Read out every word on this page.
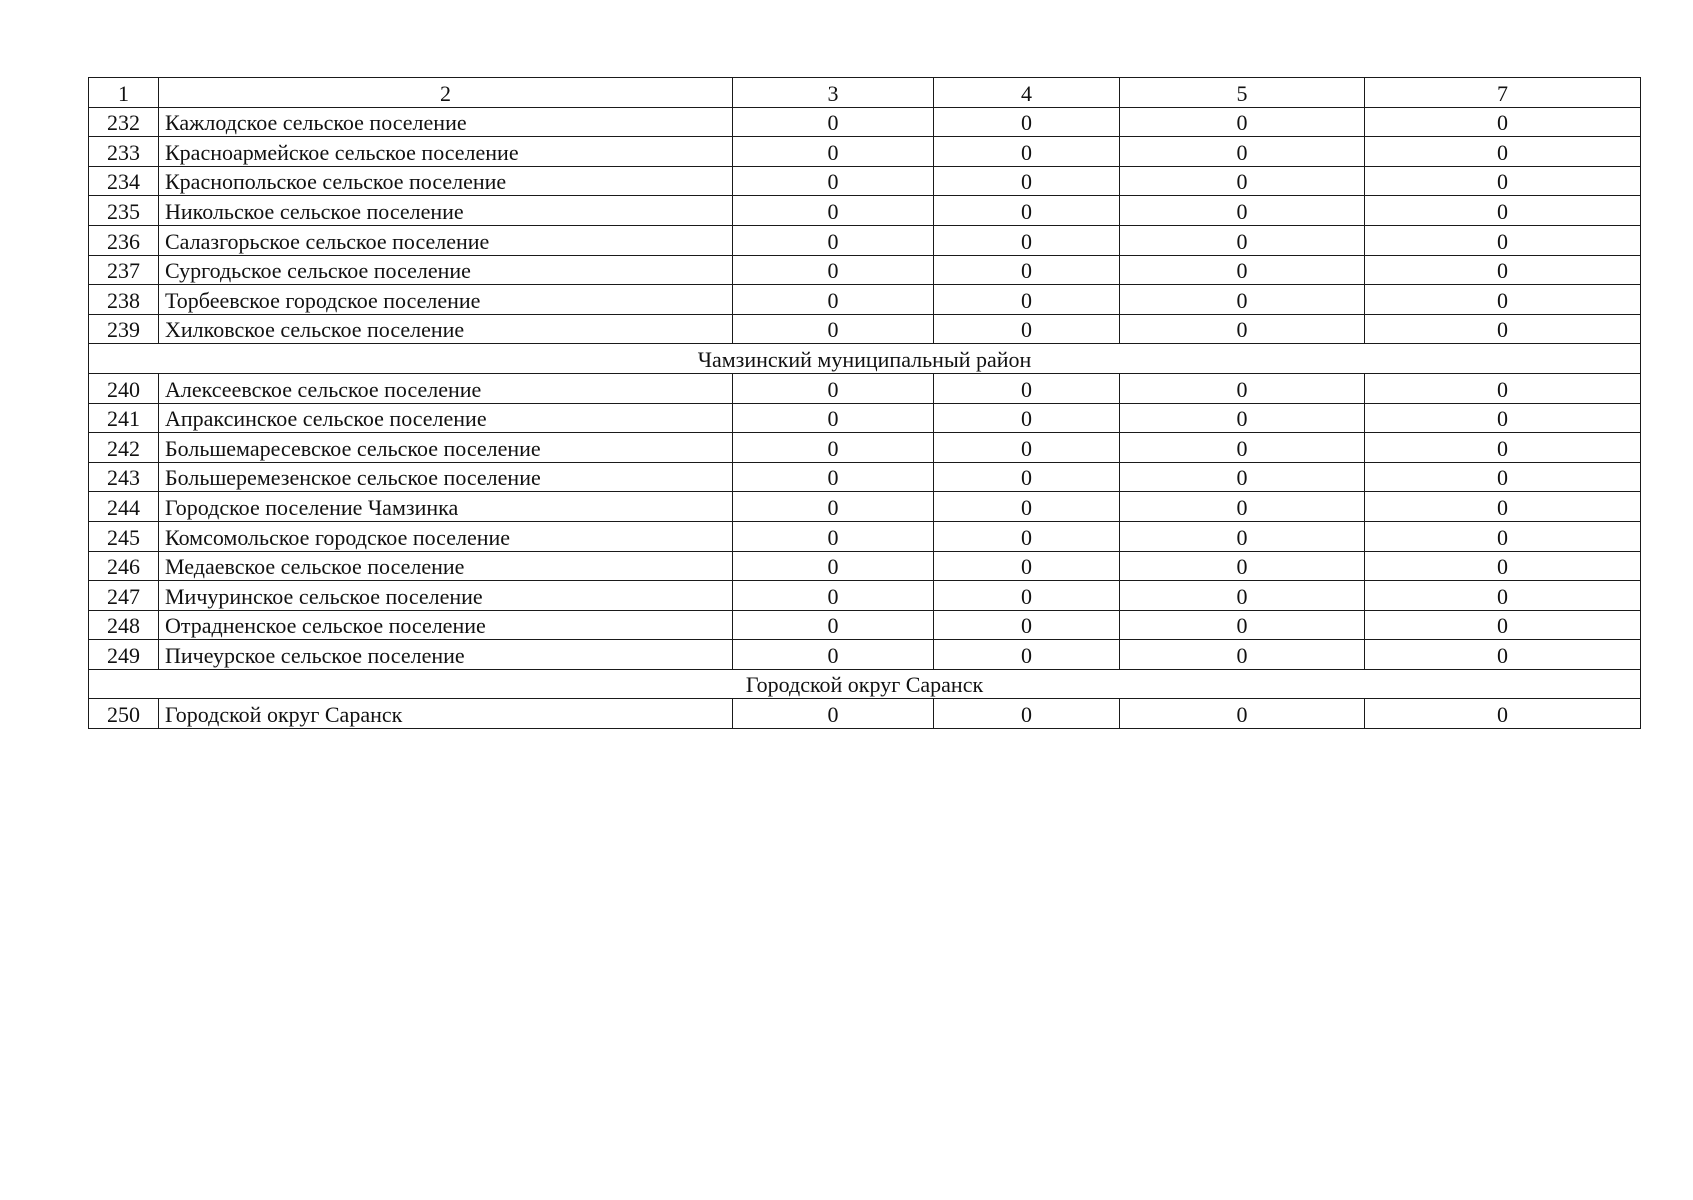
1	2	3	4	5	7
232	Кажлодское сельское поселение	0	0	0	0
233	Красноармейское сельское поселение	0	0	0	0
234	Краснопольское сельское поселение	0	0	0	0
235	Никольское сельское поселение	0	0	0	0
236	Салазгорьское сельское поселение	0	0	0	0
237	Сургодьское сельское поселение	0	0	0	0
238	Торбеевское городское поселение	0	0	0	0
239	Хилковское сельское поселение	0	0	0	0
Чамзинский муниципальный район					
240	Алексеевское сельское поселение	0	0	0	0
241	Апраксинское сельское поселение	0	0	0	0
242	Большемаресевское сельское поселение	0	0	0	0
243	Большеремезенское сельское поселение	0	0	0	0
244	Городское поселение Чамзинка	0	0	0	0
245	Комсомольское городское поселение	0	0	0	0
246	Медаевское сельское поселение	0	0	0	0
247	Мичуринское сельское поселение	0	0	0	0
248	Отрадненское сельское поселение	0	0	0	0
249	Пичеурское сельское поселение	0	0	0	0
Городской округ Саранск					
250	Городской округ Саранск	0	0	0	0
